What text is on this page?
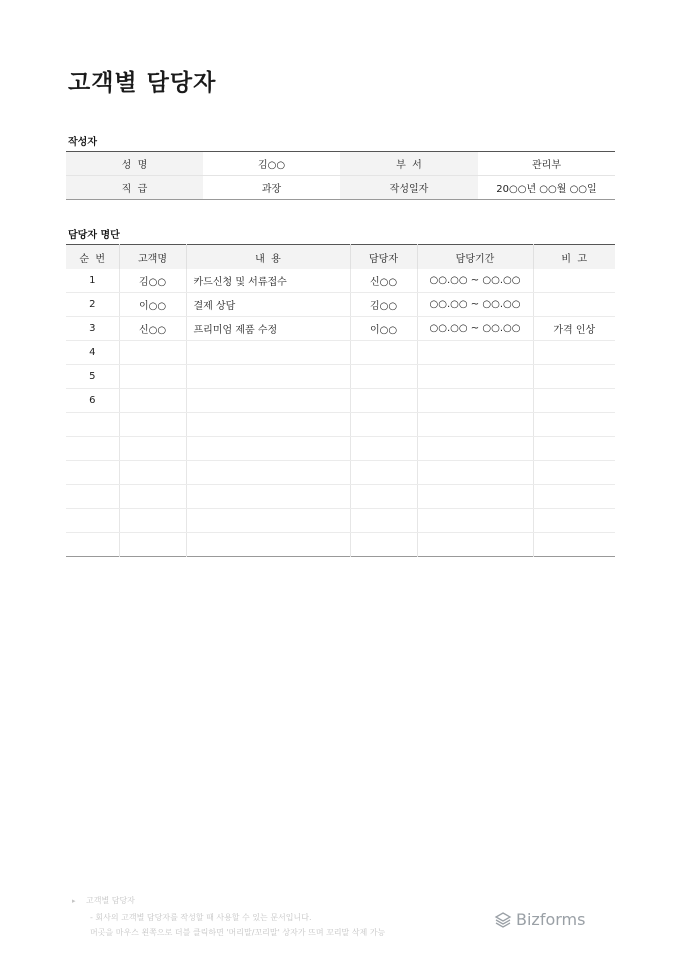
고객별 담당자
작성자
성  명	김○○	부  서	관리부
직  급	과장	작성일자	20○○년 ○○월 ○○일
담당자 명단
순  번	고객명	내  용	담당자	담당기간	비  고
1	김○○	카드신청 및 서류접수	신○○	○○.○○ ~ ○○.○○	
2	이○○	결제 상담	김○○	○○.○○ ~ ○○.○○	
3	신○○	프리미엄 제품 수정	이○○	○○.○○ ~ ○○.○○	가격 인상
4					
5					
6					

▸ 고객별 담당자
- 회사의 고객별 담당자를 작성할 때 사용할 수 있는 문서입니다.
머곳을 마우스 왼쪽으로 더블 클릭하면 '머리말/꼬리말' 상자가 뜨며 꼬리말 삭제 가능
Bizforms
